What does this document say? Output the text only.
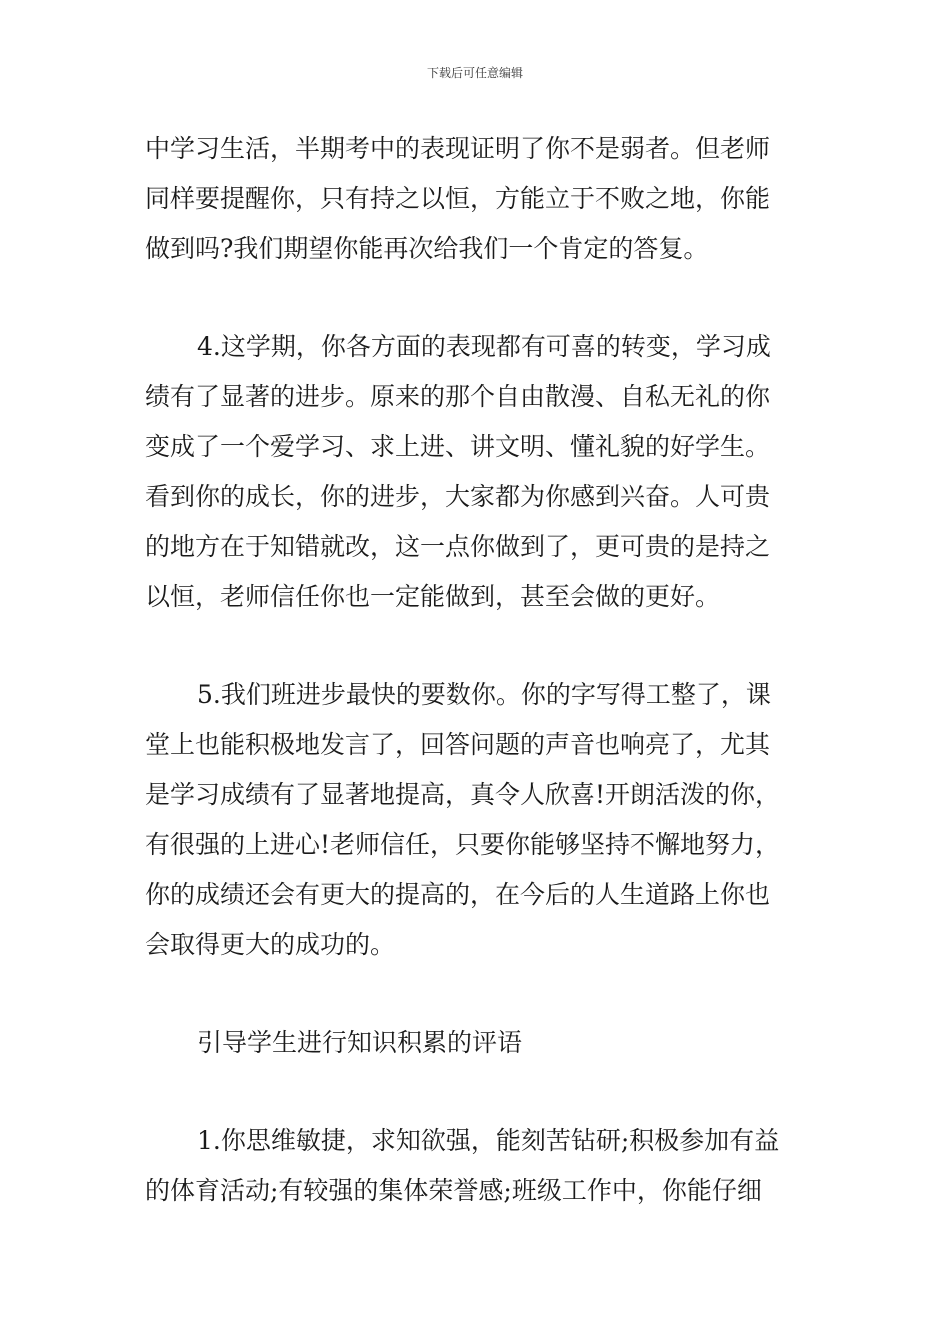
下载后可任意编辑
中学习生活，半期考中的表现证明了你不是弱者。但老师
同样要提醒你，只有持之以恒，方能立于不败之地，你能
做到吗?我们期望你能再次给我们一个肯定的答复。
4.这学期，你各方面的表现都有可喜的转变，学习成
绩有了显著的进步。原来的那个自由散漫、自私无礼的你
变成了一个爱学习、求上进、讲文明、懂礼貌的好学生。
看到你的成长，你的进步，大家都为你感到兴奋。人可贵
的地方在于知错就改，这一点你做到了，更可贵的是持之
以恒，老师信任你也一定能做到，甚至会做的更好。
5.我们班进步最快的要数你。你的字写得工整了，课
堂上也能积极地发言了，回答问题的声音也响亮了，尤其
是学习成绩有了显著地提高，真令人欣喜!开朗活泼的你，
有很强的上进心!老师信任，只要你能够坚持不懈地努力，
你的成绩还会有更大的提高的，在今后的人生道路上你也
会取得更大的成功的。
引导学生进行知识积累的评语
1.你思维敏捷，求知欲强，能刻苦钻研;积极参加有益
的体育活动;有较强的集体荣誉感;班级工作中，你能仔细
